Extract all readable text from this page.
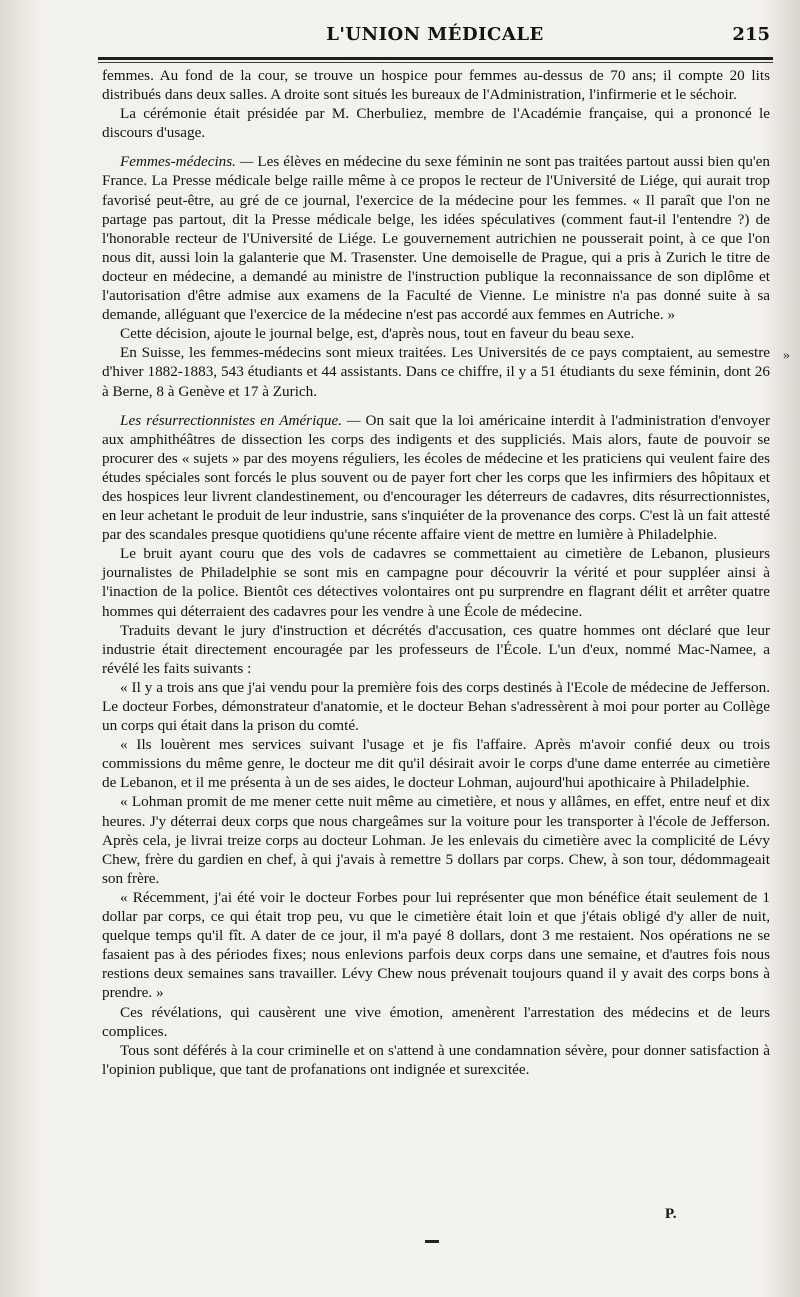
L'UNION MÉDICALE	215

femmes. Au fond de la cour, se trouve un hospice pour femmes au-dessus de 70 ans; il compte 20 lits distribués dans deux salles. A droite sont situés les bureaux de l'Administration, l'infirmerie et le séchoir.

La cérémonie était présidée par M. Cherbuliez, membre de l'Académie française, qui a prononcé le discours d'usage.

Femmes-médecins. — Les élèves en médecine du sexe féminin ne sont pas traitées partout aussi bien qu'en France. La Presse médicale belge raille même à ce propos le recteur de l'Université de Liége, qui aurait trop favorisé peut-être, au gré de ce journal, l'exercice de la médecine pour les femmes. « Il paraît que l'on ne partage pas partout, dit la Presse médicale belge, les idées spéculatives (comment faut-il l'entendre ?) de l'honorable recteur de l'Université de Liége. Le gouvernement autrichien ne pousserait point, à ce que l'on nous dit, aussi loin la galanterie que M. Trasenster. Une demoiselle de Prague, qui a pris à Zurich le titre de docteur en médecine, a demandé au ministre de l'instruction publique la reconnaissance de son diplôme et l'autorisation d'être admise aux examens de la Faculté de Vienne. Le ministre n'a pas donné suite à sa demande, alléguant que l'exercice de la médecine n'est pas accordé aux femmes en Autriche. »

Cette décision, ajoute le journal belge, est, d'après nous, tout en faveur du beau sexe.

En Suisse, les femmes-médecins sont mieux traitées. Les Universités de ce pays comptaient, au semestre d'hiver 1882-1883, 543 étudiants et 44 assistants. Dans ce chiffre, il y a 51 étudiants du sexe féminin, dont 26 à Berne, 8 à Genève et 17 à Zurich.

Les résurrectionnistes en Amérique. — On sait que la loi américaine interdit à l'administration d'envoyer aux amphithéâtres de dissection les corps des indigents et des suppliciés. Mais alors, faute de pouvoir se procurer des « sujets » par des moyens réguliers, les écoles de médecine et les praticiens qui veulent faire des études spéciales sont forcés le plus souvent ou de payer fort cher les corps que les infirmiers des hôpitaux et des hospices leur livrent clandestinement, ou d'encourager les déterreurs de cadavres, dits résurrectionnistes, en leur achetant le produit de leur industrie, sans s'inquiéter de la provenance des corps. C'est là un fait attesté par des scandales presque quotidiens qu'une récente affaire vient de mettre en lumière à Philadelphie.

Le bruit ayant couru que des vols de cadavres se commettaient au cimetière de Lebanon, plusieurs journalistes de Philadelphie se sont mis en campagne pour découvrir la vérité et pour suppléer ainsi à l'inaction de la police. Bientôt ces détectives volontaires ont pu surprendre en flagrant délit et arrêter quatre hommes qui déterraient des cadavres pour les vendre à une École de médecine.

Traduits devant le jury d'instruction et décrétés d'accusation, ces quatre hommes ont déclaré que leur industrie était directement encouragée par les professeurs de l'École. L'un d'eux, nommé Mac-Namee, a révélé les faits suivants :

« Il y a trois ans que j'ai vendu pour la première fois des corps destinés à l'Ecole de médecine de Jefferson. Le docteur Forbes, démonstrateur d'anatomie, et le docteur Behan s'adressèrent à moi pour porter au Collège un corps qui était dans la prison du comté.

« Ils louèrent mes services suivant l'usage et je fis l'affaire. Après m'avoir confié deux ou trois commissions du même genre, le docteur me dit qu'il désirait avoir le corps d'une dame enterrée au cimetière de Lebanon, et il me présenta à un de ses aides, le docteur Lohman, aujourd'hui apothicaire à Philadelphie.

« Lohman promit de me mener cette nuit même au cimetière, et nous y allâmes, en effet, entre neuf et dix heures. J'y déterrai deux corps que nous chargeâmes sur la voiture pour les transporter à l'école de Jefferson. Après cela, je livrai treize corps au docteur Lohman. Je les enlevais du cimetière avec la complicité de Lévy Chew, frère du gardien en chef, à qui j'avais à remettre 5 dollars par corps. Chew, à son tour, dédommageait son frère.

« Récemment, j'ai été voir le docteur Forbes pour lui représenter que mon bénéfice était seulement de 1 dollar par corps, ce qui était trop peu, vu que le cimetière était loin et que j'étais obligé d'y aller de nuit, quelque temps qu'il fît. A dater de ce jour, il m'a payé 8 dollars, dont 3 me restaient. Nos opérations ne se fasaient pas à des périodes fixes; nous enlevions parfois deux corps dans une semaine, et d'autres fois nous restions deux semaines sans travailler. Lévy Chew nous prévenait toujours quand il y avait des corps bons à prendre. »

Ces révélations, qui causèrent une vive émotion, amenèrent l'arrestation des médecins et de leurs complices.

Tous sont déférés à la cour criminelle et on s'attend à une condamnation sévère, pour donner satisfaction à l'opinion publique, que tant de profanations ont indignée et surexcitée.

P.
»
